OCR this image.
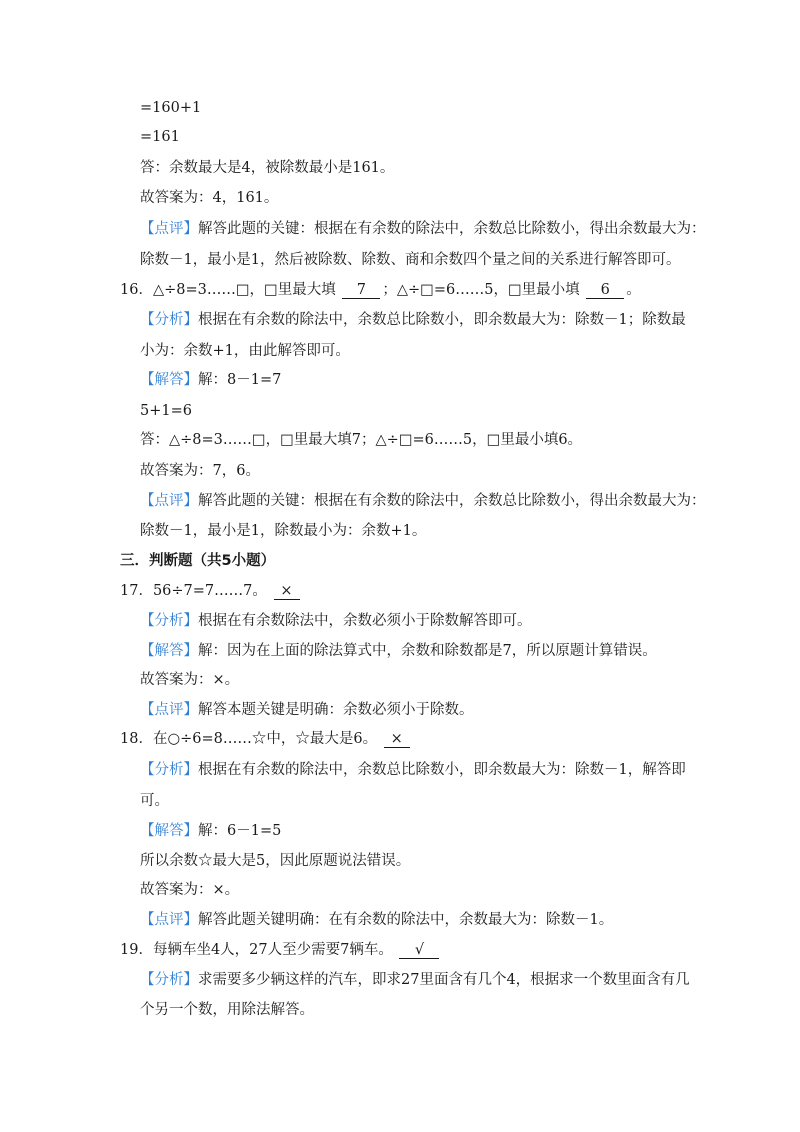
=160+1
=161
答：余数最大是4，被除数最小是161。
故答案为：4，161。
【点评】解答此题的关键：根据在有余数的除法中，余数总比除数小，得出余数最大为：
除数－1，最小是1，然后被除数、除数、商和余数四个量之间的关系进行解答即可。
16．△÷8=3……□，□里最大填 7 ；△÷□=6……5，□里最小填 6 。
【分析】根据在有余数的除法中，余数总比除数小，即余数最大为：除数－1；除数最
小为：余数+1，由此解答即可。
【解答】解：8－1=7
5+1=6
答：△÷8=3……□，□里最大填7；△÷□=6……5，□里最小填6。
故答案为：7，6。
【点评】解答此题的关键：根据在有余数的除法中，余数总比除数小，得出余数最大为：
除数－1，最小是1，除数最小为：余数+1。
三．判断题（共5小题）
17．56÷7=7……7。 ×
【分析】根据在有余数除法中，余数必须小于除数解答即可。
【解答】解：因为在上面的除法算式中，余数和除数都是7，所以原题计算错误。
故答案为：×。
【点评】解答本题关键是明确：余数必须小于除数。
18．在○÷6=8……☆中，☆最大是6。 ×
【分析】根据在有余数的除法中，余数总比除数小，即余数最大为：除数－1，解答即
可。
【解答】解：6－1=5
所以余数☆最大是5，因此原题说法错误。
故答案为：×。
【点评】解答此题关键明确：在有余数的除法中，余数最大为：除数－1。
19．每辆车坐4人，27人至少需要7辆车。 √
【分析】求需要多少辆这样的汽车，即求27里面含有几个4，根据求一个数里面含有几
个另一个数，用除法解答。
